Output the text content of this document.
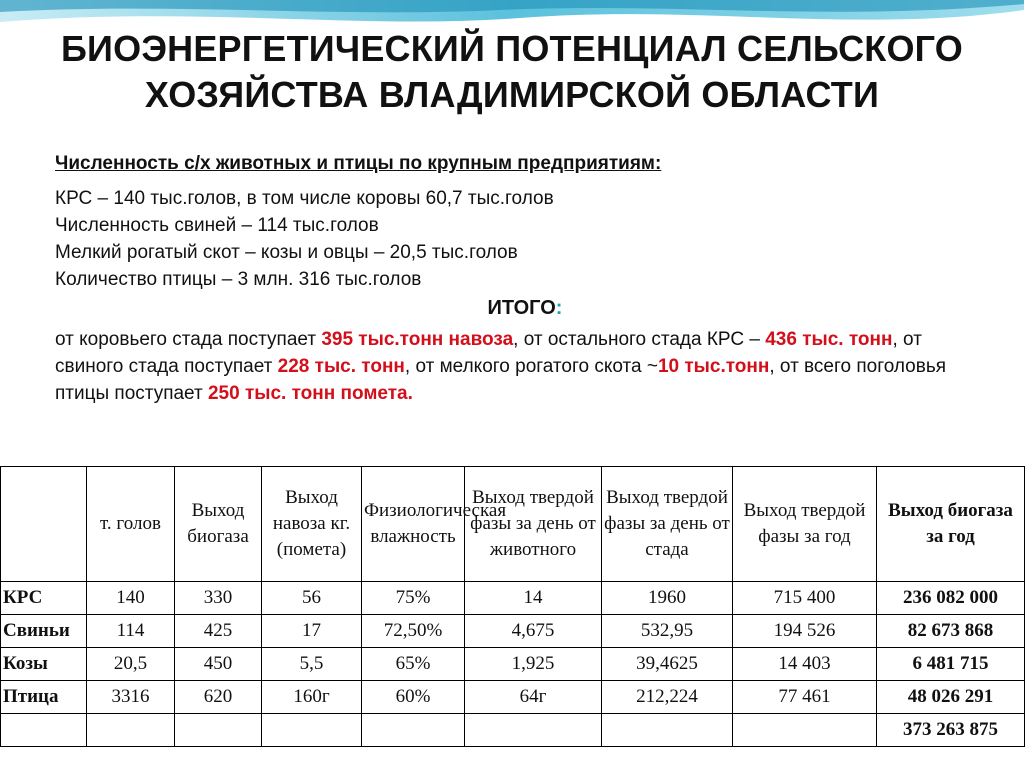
БИОЭНЕРГЕТИЧЕСКИЙ ПОТЕНЦИАЛ СЕЛЬСКОГО
ХОЗЯЙСТВА ВЛАДИМИРСКОЙ ОБЛАСТИ
Численность с/х животных и птицы по крупным предприятиям:
КРС – 140 тыс.голов, в том числе коровы 60,7 тыс.голов
Численность свиней – 114 тыс.голов
Мелкий рогатый скот – козы и овцы – 20,5 тыс.голов
Количество птицы – 3 млн. 316 тыс.голов
ИТОГО:
от коровьего стада поступает 395 тыс.тонн навоза, от остального стада КРС – 436 тыс. тонн, от свиного стада поступает 228 тыс. тонн, от мелкого рогатого скота ~10 тыс.тонн, от всего поголовья птицы поступает 250 тыс. тонн помета.
	т. голов	Выход биогаза	Выход навоза кг.(помета)	Физиологическая влажность	Выход твердой фазы за день от животного	Выход твердой фазы за день от стада	Выход твердой фазы за год	Выход биогаза за год
КРС	140	330	56	75%	14	1960	715 400	236 082 000
Свиньи	114	425	17	72,50%	4,675	532,95	194 526	82 673 868
Козы	20,5	450	5,5	65%	1,925	39,4625	14 403	6 481 715
Птица	3316	620	160г	60%	64г	212,224	77 461	48 026 291
								373 263 875
